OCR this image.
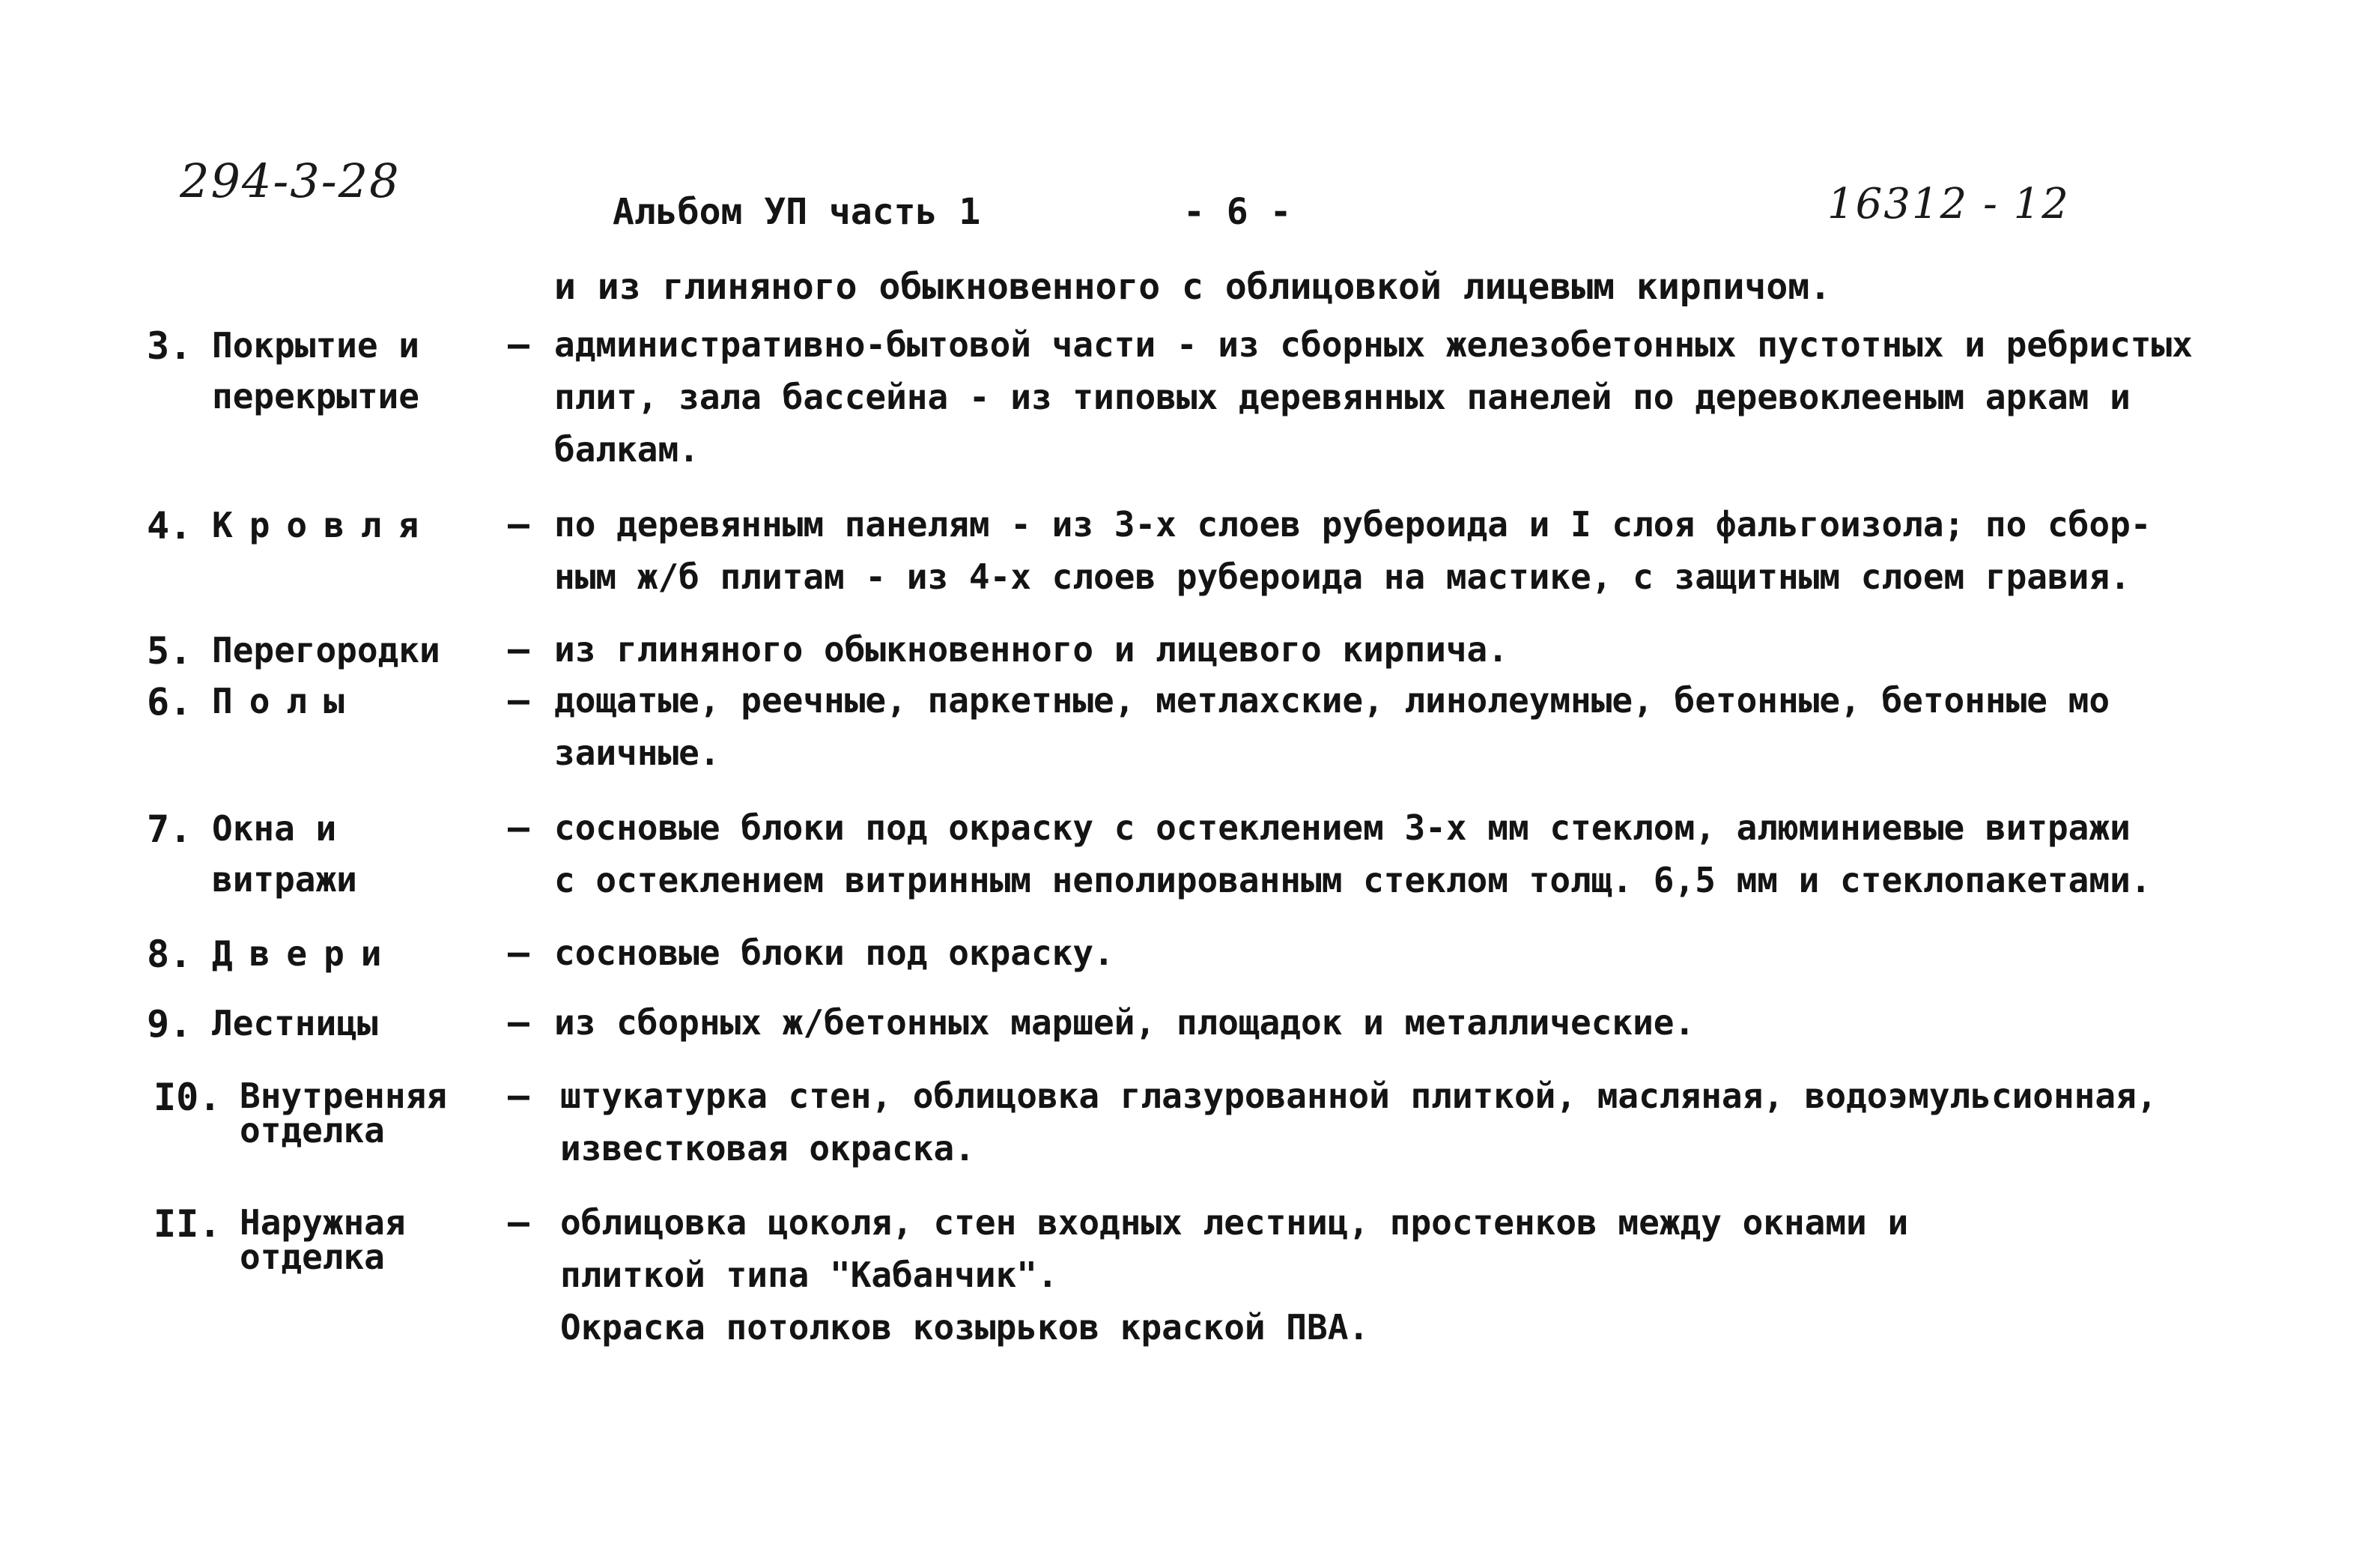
294-3-28
Альбом УП часть 1	- 6 -	16312 - 12
и из глиняного обыкновенного с облицовкой лицевым кирпичом.
3. Покрытие и
перекрытие
– административно-бытовой части - из сборных железобетонных пустотных и ребристых
плит, зала бассейна - из типовых деревянных панелей по деревоклееным аркам и
балкам.
4. Кровля – по деревянным панелям - из 3-х слоев рубероида и I слоя фальгоизола; по сбор-
ным ж/б плитам - из 4-х слоев рубероида на мастике, с защитным слоем гравия.
5. Перегородки – из глиняного обыкновенного и лицевого кирпича.
6. Полы	– дощатые, реечные, паркетные, метлахские, линолеумные, бетонные, бетонные мо
заичные.
7. Окна и
витражи
– сосновые блоки под окраску с остеклением 3-х мм стеклом, алюминиевые витражи
с остеклением витринным неполированным стеклом толщ. 6,5 мм и стеклопакетами.
8. Двери	– сосновые блоки под окраску.
9. Лестницы	– из сборных ж/бетонных маршей, площадок и металлические.
I0. Внутренняя
отделка
– штукатурка стен, облицовка глазурованной плиткой, масляная, водоэмульсионная,
известковая окраска.
II. Наружная
отделка
– облицовка цоколя, стен входных лестниц, простенков между окнами и
плиткой типа "Кабанчик".
Окраска потолков козырьков краской ПВА.
